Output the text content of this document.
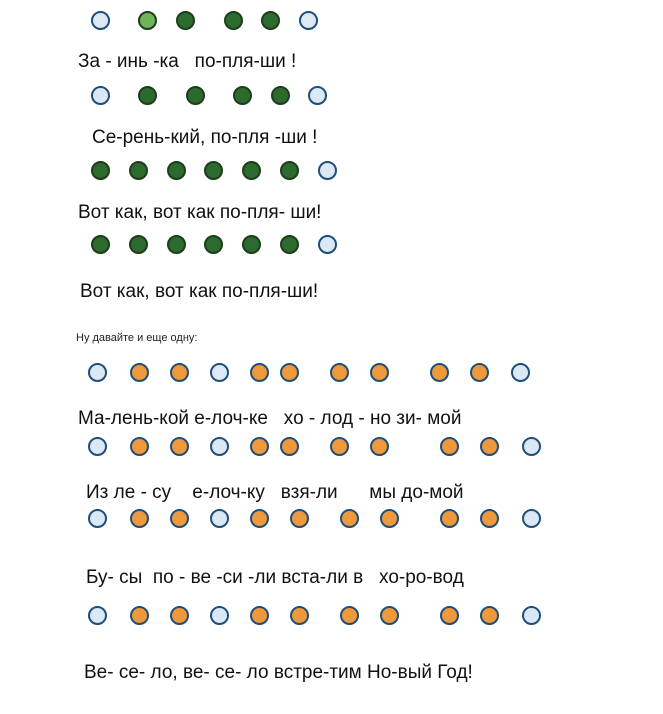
За - инь -ка   по-пля-ши !
Се-рень-кий, по-пля -ши !
Вот как, вот как по-пля- ши!
Вот как, вот как по-пля-ши!
Ну давайте и еще одну:
Ма-лень-кой е-лоч-ке   хо - лод - но зи- мой
Из ле - су    е-лоч-ку   взя-ли      мы до-мой
Бу- сы  по - ве -си -ли вста-ли в   хо-ро-вод
Ве- се- ло, ве- се- ло встре-тим Но-вый Год!
